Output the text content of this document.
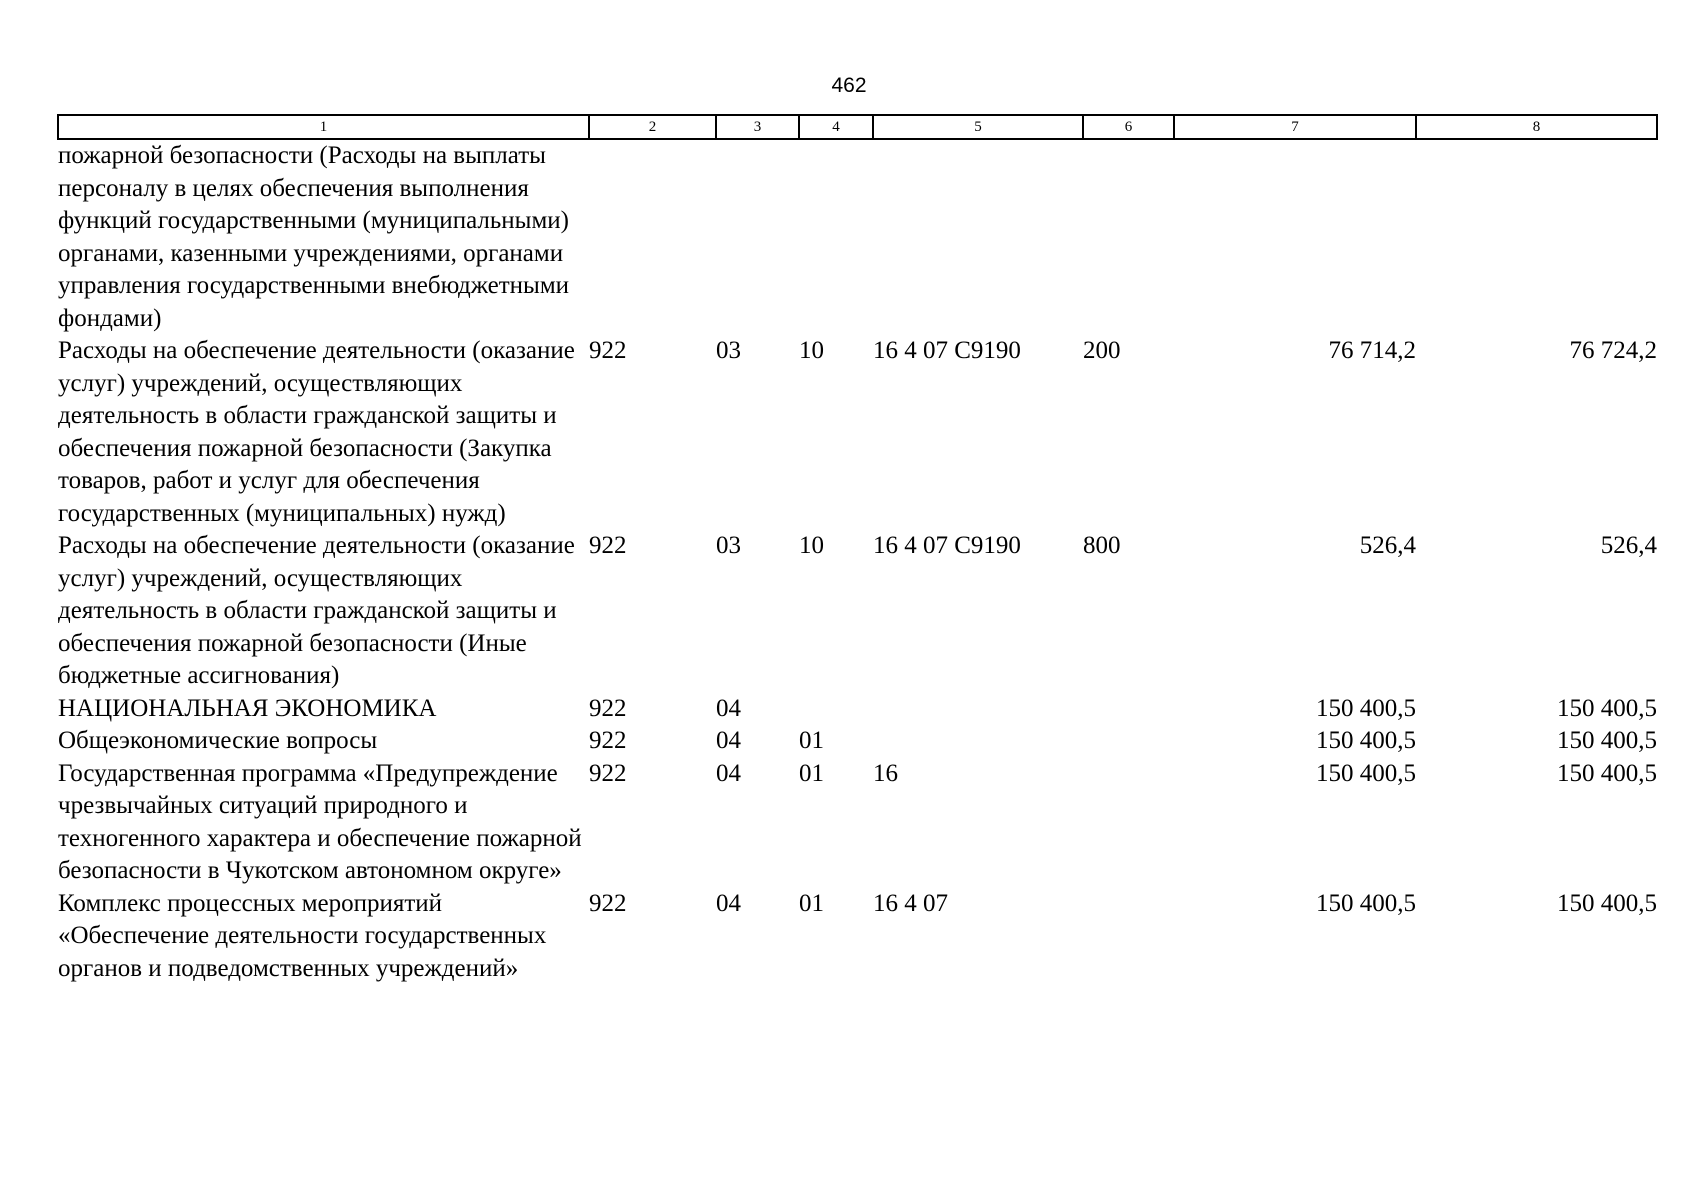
462
1	2	3	4	5	6	7	8
пожарной безопасности (Расходы на выплаты персоналу в целях обеспечения выполнения функций государственными (муниципальными) органами, казенными учреждениями, органами управления государственными внебюджетными фондами)							
Расходы на обеспечение деятельности (оказание услуг) учреждений, осуществляющих деятельность в области гражданской защиты и обеспечения пожарной безопасности (Закупка товаров, работ и услуг для обеспечения государственных (муниципальных) нужд)	922	03	10	16 4 07 С9190	200	76 714,2	76 724,2
Расходы на обеспечение деятельности (оказание услуг) учреждений, осуществляющих деятельность в области гражданской защиты и обеспечения пожарной безопасности (Иные бюджетные ассигнования)	922	03	10	16 4 07 С9190	800	526,4	526,4
НАЦИОНАЛЬНАЯ ЭКОНОМИКА	922	04				150 400,5	150 400,5
Общеэкономические вопросы	922	04	01			150 400,5	150 400,5
Государственная программа «Предупреждение чрезвычайных ситуаций природного и техногенного характера и обеспечение пожарной безопасности в Чукотском автономном округе»	922	04	01	16		150 400,5	150 400,5
Комплекс процессных мероприятий «Обеспечение деятельности государственных органов и подведомственных учреждений»	922	04	01	16 4 07		150 400,5	150 400,5
